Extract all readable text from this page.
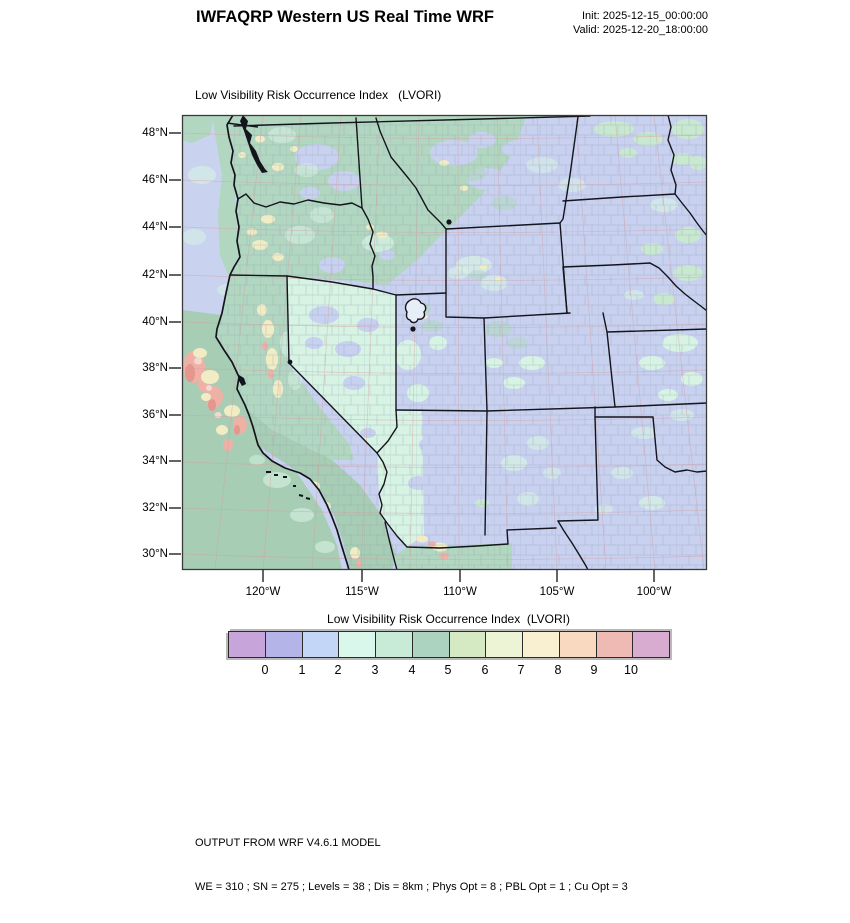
IWFAQRP Western US Real Time WRF	Init: 2025-12-15_00:00:00
Valid: 2025-12-20_18:00:00
Low Visibility Risk Occurrence Index   (LVORI)
48°N
46°N
44°N
42°N
40°N
38°N
36°N
34°N
32°N
30°N
120°W	115°W	110°W	105°W	100°W
Low Visibility Risk Occurrence Index  (LVORI)
0	1	2	3	4	5	6	7	8	9	10

OUTPUT FROM WRF V4.6.1 MODEL

WE = 310 ; SN = 275 ; Levels = 38 ; Dis = 8km ; Phys Opt = 8 ; PBL Opt = 1 ; Cu Opt = 3
